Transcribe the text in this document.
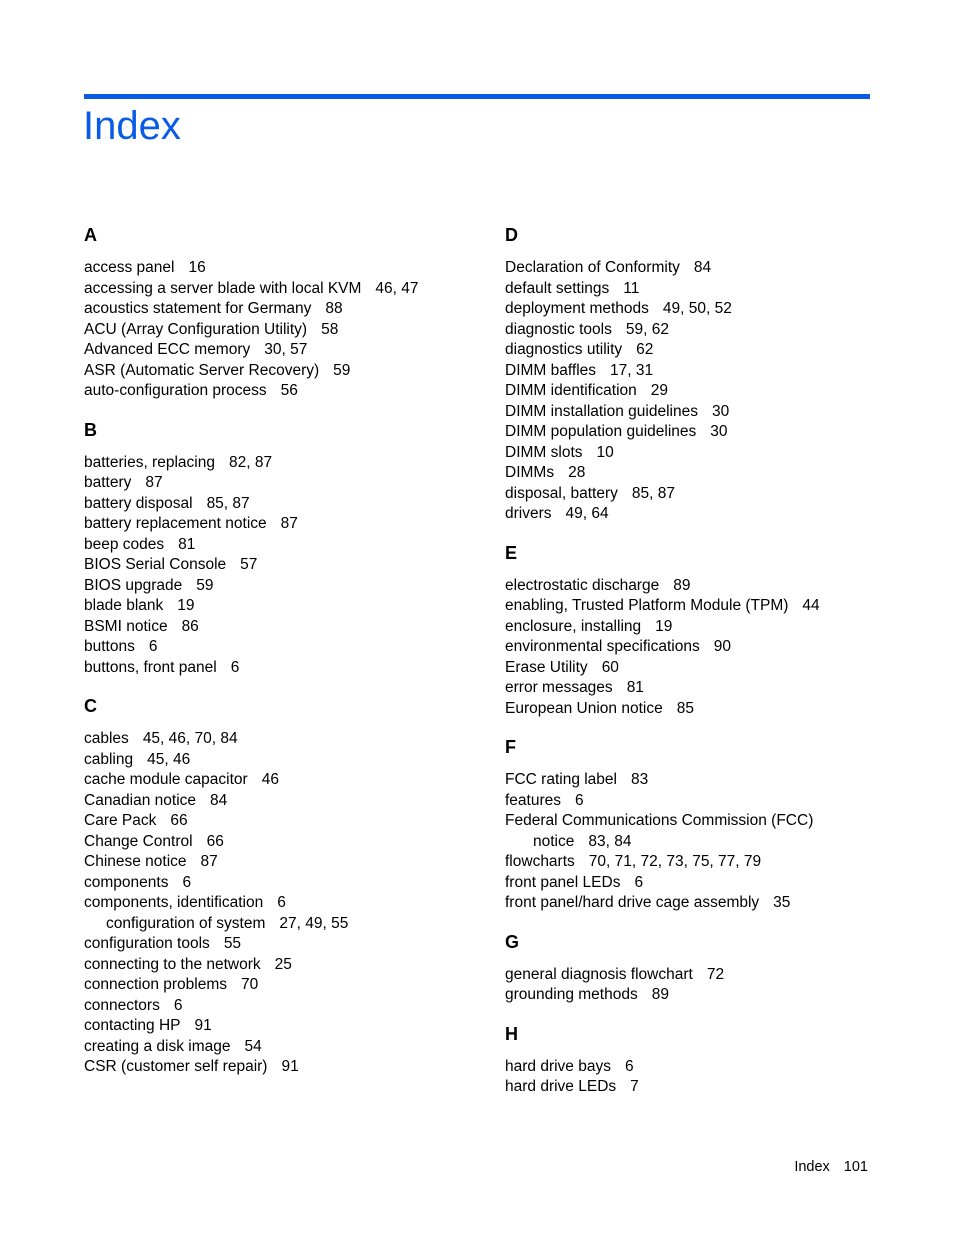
Index
A
access panel 16
accessing a server blade with local KVM 46, 47
acoustics statement for Germany 88
ACU (Array Configuration Utility) 58
Advanced ECC memory 30, 57
ASR (Automatic Server Recovery) 59
auto-configuration process 56
B
batteries, replacing 82, 87
battery 87
battery disposal 85, 87
battery replacement notice 87
beep codes 81
BIOS Serial Console 57
BIOS upgrade 59
blade blank 19
BSMI notice 86
buttons 6
buttons, front panel 6
C
cables 45, 46, 70, 84
cabling 45, 46
cache module capacitor 46
Canadian notice 84
Care Pack 66
Change Control 66
Chinese notice 87
components 6
components, identification 6
configuration of system 27, 49, 55
configuration tools 55
connecting to the network 25
connection problems 70
connectors 6
contacting HP 91
creating a disk image 54
CSR (customer self repair) 91
D
Declaration of Conformity 84
default settings 11
deployment methods 49, 50, 52
diagnostic tools 59, 62
diagnostics utility 62
DIMM baffles 17, 31
DIMM identification 29
DIMM installation guidelines 30
DIMM population guidelines 30
DIMM slots 10
DIMMs 28
disposal, battery 85, 87
drivers 49, 64
E
electrostatic discharge 89
enabling, Trusted Platform Module (TPM) 44
enclosure, installing 19
environmental specifications 90
Erase Utility 60
error messages 81
European Union notice 85
F
FCC rating label 83
features 6
Federal Communications Commission (FCC)
notice 83, 84
flowcharts 70, 71, 72, 73, 75, 77, 79
front panel LEDs 6
front panel/hard drive cage assembly 35
G
general diagnosis flowchart 72
grounding methods 89
H
hard drive bays 6
hard drive LEDs 7
Index 101
